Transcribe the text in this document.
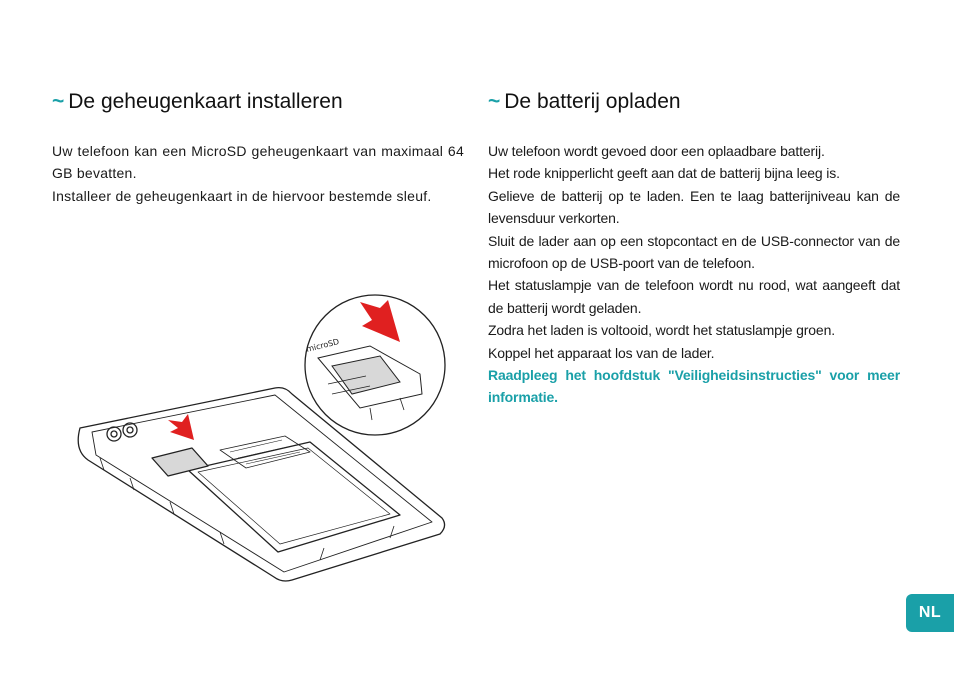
~ De geheugenkaart installeren

Uw telefoon kan een MicroSD geheugenkaart van maximaal 64 GB bevatten.

Installeer de geheugenkaart in de hiervoor bestemde sleuf.

microSD
~ De batterij opladen

Uw telefoon wordt gevoed door een oplaadbare batterij.

Het rode knipperlicht geeft aan dat de batterij bijna leeg is.

Gelieve de batterij op te laden. Een te laag batterijniveau kan de levensduur verkorten.

Sluit de lader aan op een stopcontact en de USB-connector van de microfoon op de USB-poort van de telefoon.

Het statuslampje van de telefoon wordt nu rood, wat aangeeft dat de batterij wordt geladen.

Zodra het laden is voltooid, wordt het statuslampje groen.

Koppel het apparaat los van de lader.

Raadpleeg het hoofdstuk "Veiligheidsinstructies" voor meer informatie.

NL
